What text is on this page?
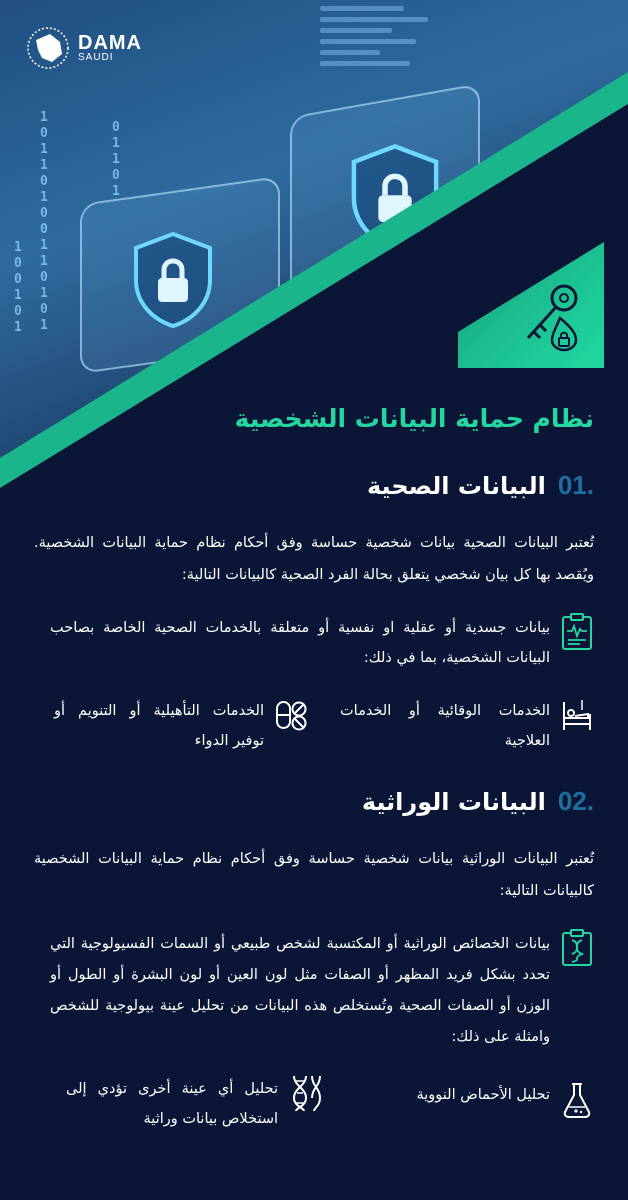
1
0
1
1
0
1
0
0
1
1
0
1
0
1
1
0
0
1
0
1
0
1
1
0
1

DAMA
SAUDI
نظام حماية البيانات الشخصية
.01
البيانات الصحية
تُعتبر البيانات الصحية بيانات شخصية حساسة وفق أحكام نظام حماية البيانات الشخصية. ويُقصد بها كل بيان شخصي يتعلق بحالة الفرد الصحية كالبيانات التالية:
بيانات جسدية أو عقلية او نفسية أو متعلقة بالخدمات الصحية الخاصة بصاحب البيانات الشخصية، بما في ذلك:
الخدمات الوقائية أو الخدمات العلاجية
الخدمات التأهيلية أو التنويم أو توفير الدواء
.02
البيانات الوراثية
تُعتبر البيانات الوراثية بيانات شخصية حساسة وفق أحكام نظام حماية البيانات الشخصية كالبيانات التالية:
بيانات الخصائص الوراثية أو المكتسبة لشخص طبيعي أو السمات الفسيولوجية التي تحدد بشكل فريد المظهر أو الصفات مثل لون العين أو لون البشرة أو الطول أو الوزن أو الصفات الصحية وتُستخلص هذه البيانات من تحليل عينة بيولوجية للشخص وامثلة على ذلك:
تحليل الأحماض النووية
تحليل أي عينة أخرى تؤدي إلى استخلاص بيانات وراثية
